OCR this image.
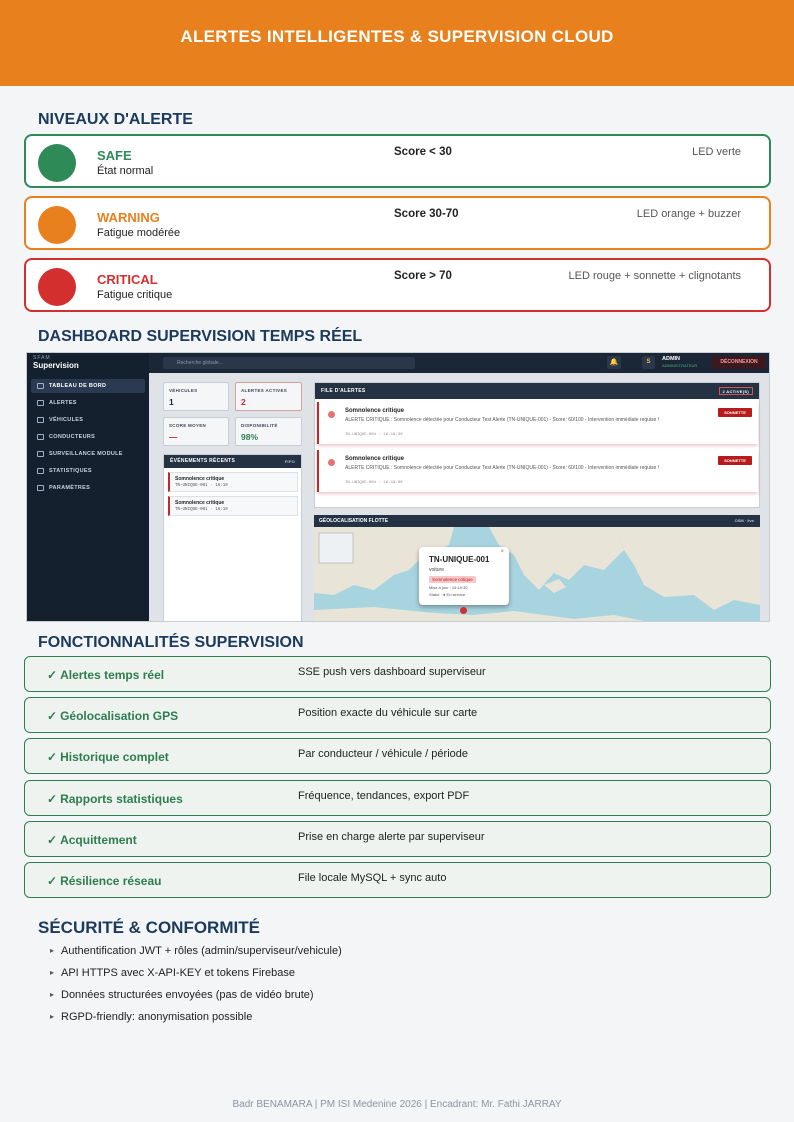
ALERTES INTELLIGENTES & SUPERVISION CLOUD
NIVEAUX D'ALERTE
SAFE
État normal
Score < 30	LED verte
WARNING
Fatigue modérée
Score 30-70	LED orange + buzzer
CRITICAL
Fatigue critique
Score > 70	LED rouge + sonnette + clignotants
DASHBOARD SUPERVISION TEMPS RÉEL
SFAM
Supervision
TABLEAU DE BORD
ALERTES
VÉHICULES
CONDUCTEURS
SURVEILLANCE MODULE
STATISTIQUES
PARAMÈTRES
Recherche globale...	🔔	S	ADMIN
ADMINISTRATEUR
DÉCONNEXION
VÉHICULES
1
ALERTES ACTIVES
2
SCORE MOYEN
—
DISPONIBILITÉ
98%
ÉVÉNEMENTS RÉCENTS	FIFO
Somnolence critique
TN-UNIQUE-001 · 16:19
Somnolence critique
TN-UNIQUE-001 · 16:19
FILE D'ALERTES	2 ACTIVE(S)
Somnolence critique
ALERTE CRITIQUE : Somnolence détectée pour Conducteur Test Alerte (TN-UNIQUE-001) - Score: 60/100 - Intervention immédiate requise !
TN-UNIQUE-001 · 16:19:30
SONNETTE
Somnolence critique
ALERTE CRITIQUE : Somnolence détectée pour Conducteur Test Alerte (TN-UNIQUE-001) - Score: 60/100 - Intervention immédiate requise !
TN-UNIQUE-001 · 16:19:06
SONNETTE
GÉOLOCALISATION FLOTTE	OSM · live
×
TN-UNIQUE-001
voiture
Somnolence critique
Mise à jour : 15:19:30
Statut · ● En service
FONCTIONNALITÉS SUPERVISION
✓ Alertes temps réel	SSE push vers dashboard superviseur
✓ Géolocalisation GPS	Position exacte du véhicule sur carte
✓ Historique complet	Par conducteur / véhicule / période
✓ Rapports statistiques	Fréquence, tendances, export PDF
✓ Acquittement	Prise en charge alerte par superviseur
✓ Résilience réseau	File locale MySQL + sync auto
SÉCURITÉ & CONFORMITÉ
▸ Authentification JWT + rôles (admin/superviseur/vehicule)
▸ API HTTPS avec X-API-KEY et tokens Firebase
▸ Données structurées envoyées (pas de vidéo brute)
▸ RGPD-friendly: anonymisation possible
Badr BENAMARA | PM ISI Medenine 2026 | Encadrant: Mr. Fathi JARRAY
